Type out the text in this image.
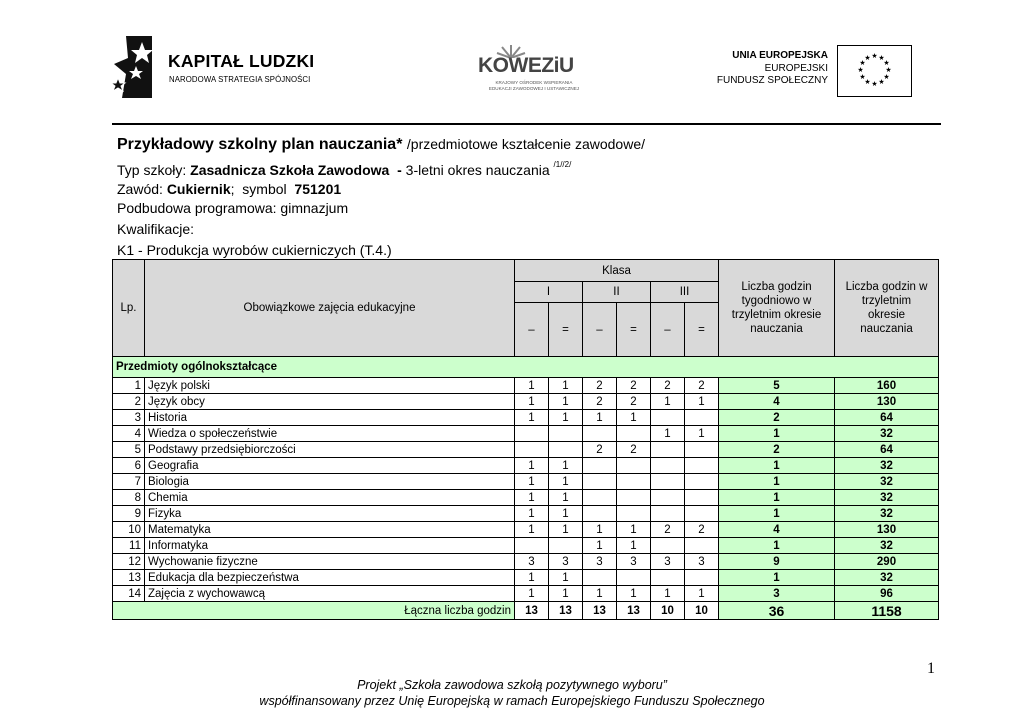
KAPITAŁ LUDZKI
NARODOWA STRATEGIA SPÓJNOŚCI
KOWEZiU
KRAJOWY OŚRODEK WSPIERANIA
EDUKACJI ZAWODOWEJ I USTAWICZNEJ
UNIA EUROPEJSKA
EUROPEJSKI
FUNDUSZ SPOŁECZNY
★ ★
★
★
★
★
★
★
★
★
★
★
Przykładowy szkolny plan nauczania* /przedmiotowe kształcenie zawodowe/
Typ szkoły: Zasadnicza Szkoła Zawodowa  - 3-letni okres nauczania $^{/1//2/}$
Zawód: Cukiernik;  symbol  751201
Podbudowa programowa: gimnazjum
Kwalifikacje:
K1 - Produkcja wyrobów cukierniczych (T.4.)
Lp.	Obowiązkowe zajęcia edukacyjne	Klasa						Liczba godzin tygodniowo w trzyletnim okresie nauczania	Liczba godzin w trzyletnim okresie nauczania
		I		II		III			
		–	=	–	=	–	=		
Przedmioty ogólnokształcące									
1	Język polski	1	1	2	2	2	2	5	160
2	Język obcy	1	1	2	2	1	1	4	130
3	Historia	1	1	1	1			2	64
4	Wiedza o społeczeństwie					1	1	1	32
5	Podstawy przedsiębiorczości			2	2			2	64
6	Geografia	1	1					1	32
7	Biologia	1	1					1	32
8	Chemia	1	1					1	32
9	Fizyka	1	1					1	32
10	Matematyka	1	1	1	1	2	2	4	130
11	Informatyka			1	1			1	32
12	Wychowanie fizyczne	3	3	3	3	3	3	9	290
13	Edukacja dla bezpieczeństwa	1	1					1	32
14	Zajęcia z wychowawcą	1	1	1	1	1	1	3	96
Łączna liczba godzin		13	13	13	13	10	10	36	1158
1
Projekt „Szkoła zawodowa szkołą pozytywnego wyboru”
współfinansowany przez Unię Europejską w ramach Europejskiego Funduszu Społecznego
